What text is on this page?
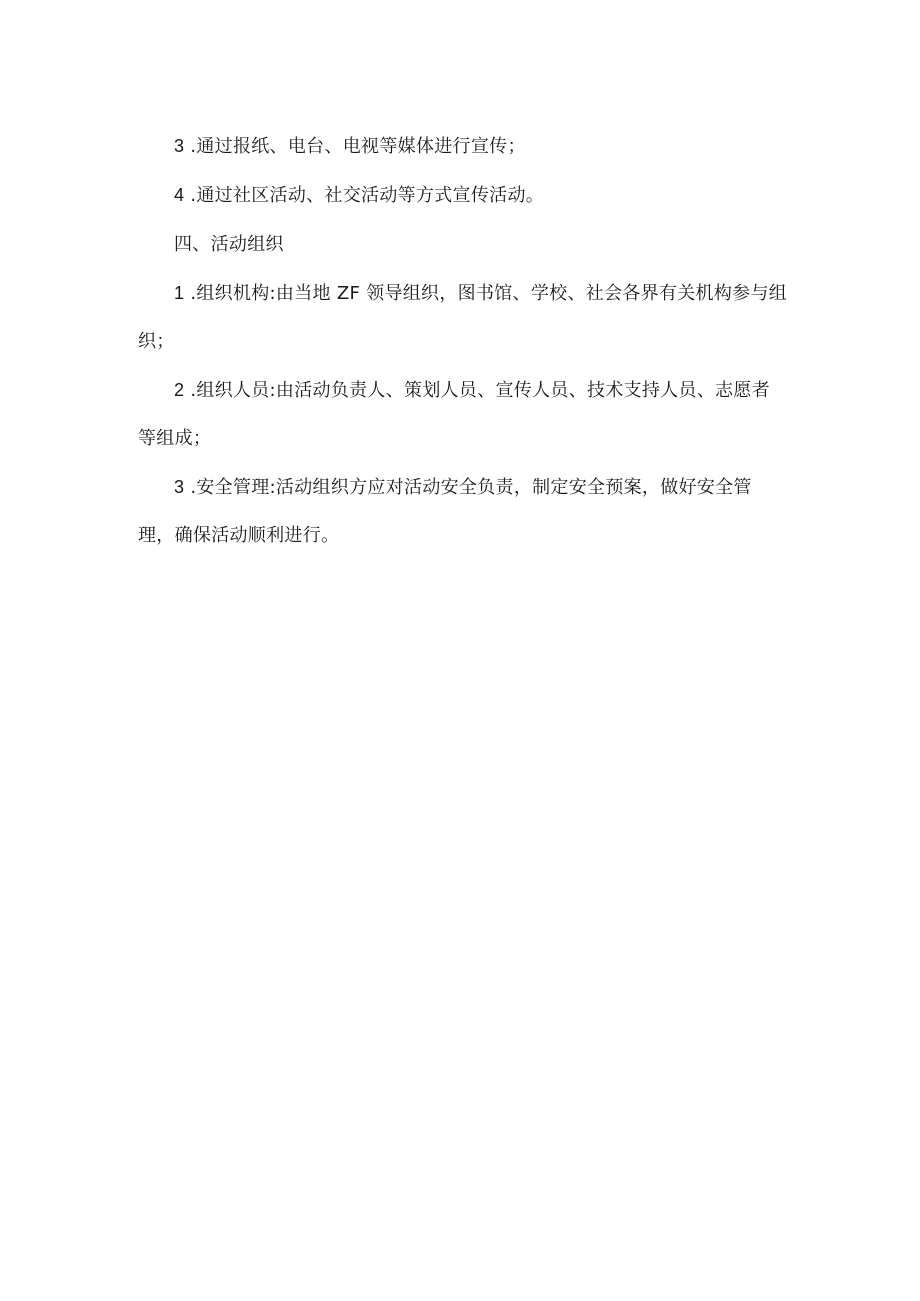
3 .通过报纸、电台、电视等媒体进行宣传；

4 .通过社区活动、社交活动等方式宣传活动。

四、活动组织

1 .组织机构:由当地 ZF 领导组织，图书馆、学校、社会各界有关机构参与组织；

2 .组织人员:由活动负责人、策划人员、宣传人员、技术支持人员、志愿者等组成；

3 .安全管理:活动组织方应对活动安全负责，制定安全预案，做好安全管理，确保活动顺利进行。
